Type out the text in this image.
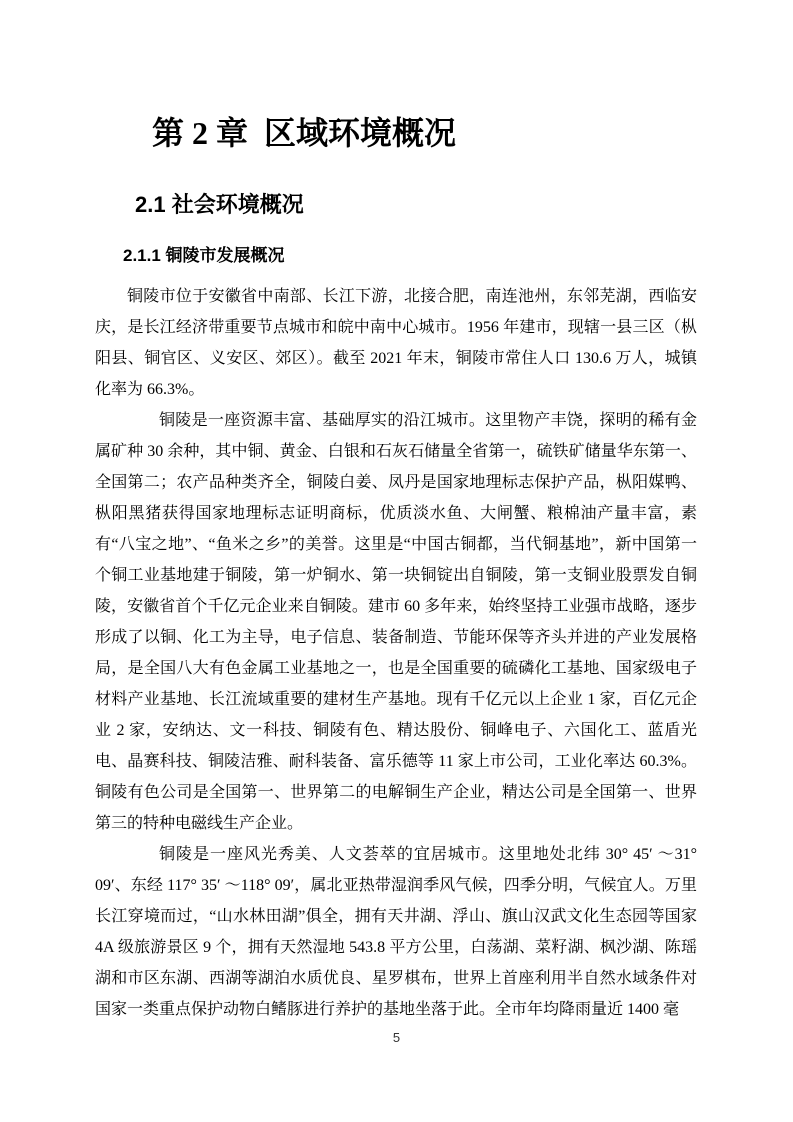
第 2 章  区域环境概况
2.1 社会环境概况
2.1.1 铜陵市发展概况

铜陵市位于安徽省中南部、长江下游，北接合肥，南连池州，东邻芜湖，西临安庆，是长江经济带重要节点城市和皖中南中心城市。1956 年建市，现辖一县三区（枞阳县、铜官区、义安区、郊区）。截至 2021 年末，铜陵市常住人口 130.6 万人，城镇化率为 66.3%。

铜陵是一座资源丰富、基础厚实的沿江城市。这里物产丰饶，探明的稀有金属矿种 30 余种，其中铜、黄金、白银和石灰石储量全省第一，硫铁矿储量华东第一、全国第二；农产品种类齐全，铜陵白姜、凤丹是国家地理标志保护产品，枞阳媒鸭、枞阳黑猪获得国家地理标志证明商标，优质淡水鱼、大闸蟹、粮棉油产量丰富，素有“八宝之地”、“鱼米之乡”的美誉。这里是“中国古铜都，当代铜基地”，新中国第一个铜工业基地建于铜陵，第一炉铜水、第一块铜锭出自铜陵，第一支铜业股票发自铜陵，安徽省首个千亿元企业来自铜陵。建市 60 多年来，始终坚持工业强市战略，逐步形成了以铜、化工为主导，电子信息、装备制造、节能环保等齐头并进的产业发展格局，是全国八大有色金属工业基地之一，也是全国重要的硫磷化工基地、国家级电子材料产业基地、长江流域重要的建材生产基地。现有千亿元以上企业 1 家，百亿元企业 2 家，安纳达、文一科技、铜陵有色、精达股份、铜峰电子、六国化工、蓝盾光电、晶赛科技、铜陵洁雅、耐科装备、富乐德等 11 家上市公司，工业化率达 60.3%。铜陵有色公司是全国第一、世界第二的电解铜生产企业，精达公司是全国第一、世界第三的特种电磁线生产企业。

铜陵是一座风光秀美、人文荟萃的宜居城市。这里地处北纬 30° 45′ ～31° 09′、东经 117° 35′ ～118° 09′，属北亚热带湿润季风气候，四季分明，气候宜人。万里长江穿境而过，“山水林田湖”俱全，拥有天井湖、浮山、旗山汉武文化生态园等国家 4A 级旅游景区 9 个，拥有天然湿地 543.8 平方公里，白荡湖、菜籽湖、枫沙湖、陈瑶湖和市区东湖、西湖等湖泊水质优良、星罗棋布，世界上首座利用半自然水域条件对国家一类重点保护动物白鳍豚进行养护的基地坐落于此。全市年均降雨量近 1400 毫

5
